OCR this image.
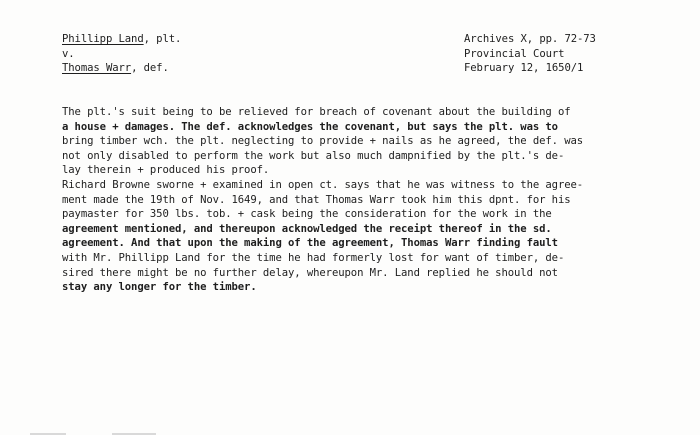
Phillipp Land, plt.
v.
Thomas Warr, def.
Archives X, pp. 72-73
Provincial Court
February 12, 1650/1
The plt.'s suit being to be relieved for breach of covenant about the building of
a house + damages. The def. acknowledges the covenant, but says the plt. was to
bring timber wch. the plt. neglecting to provide + nails as he agreed, the def. was
not only disabled to perform the work but also much dampnified by the plt.'s de-
lay therein + produced his proof.
Richard Browne sworne + examined in open ct. says that he was witness to the agree-
ment made the 19th of Nov. 1649, and that Thomas Warr took him this dpnt. for his
paymaster for 350 lbs. tob. + cask being the consideration for the work in the
agreement mentioned, and thereupon acknowledged the receipt thereof in the sd.
agreement. And that upon the making of the agreement, Thomas Warr finding fault
with Mr. Phillipp Land for the time he had formerly lost for want of timber, de-
sired there might be no further delay, whereupon Mr. Land replied he should not
stay any longer for the timber.
